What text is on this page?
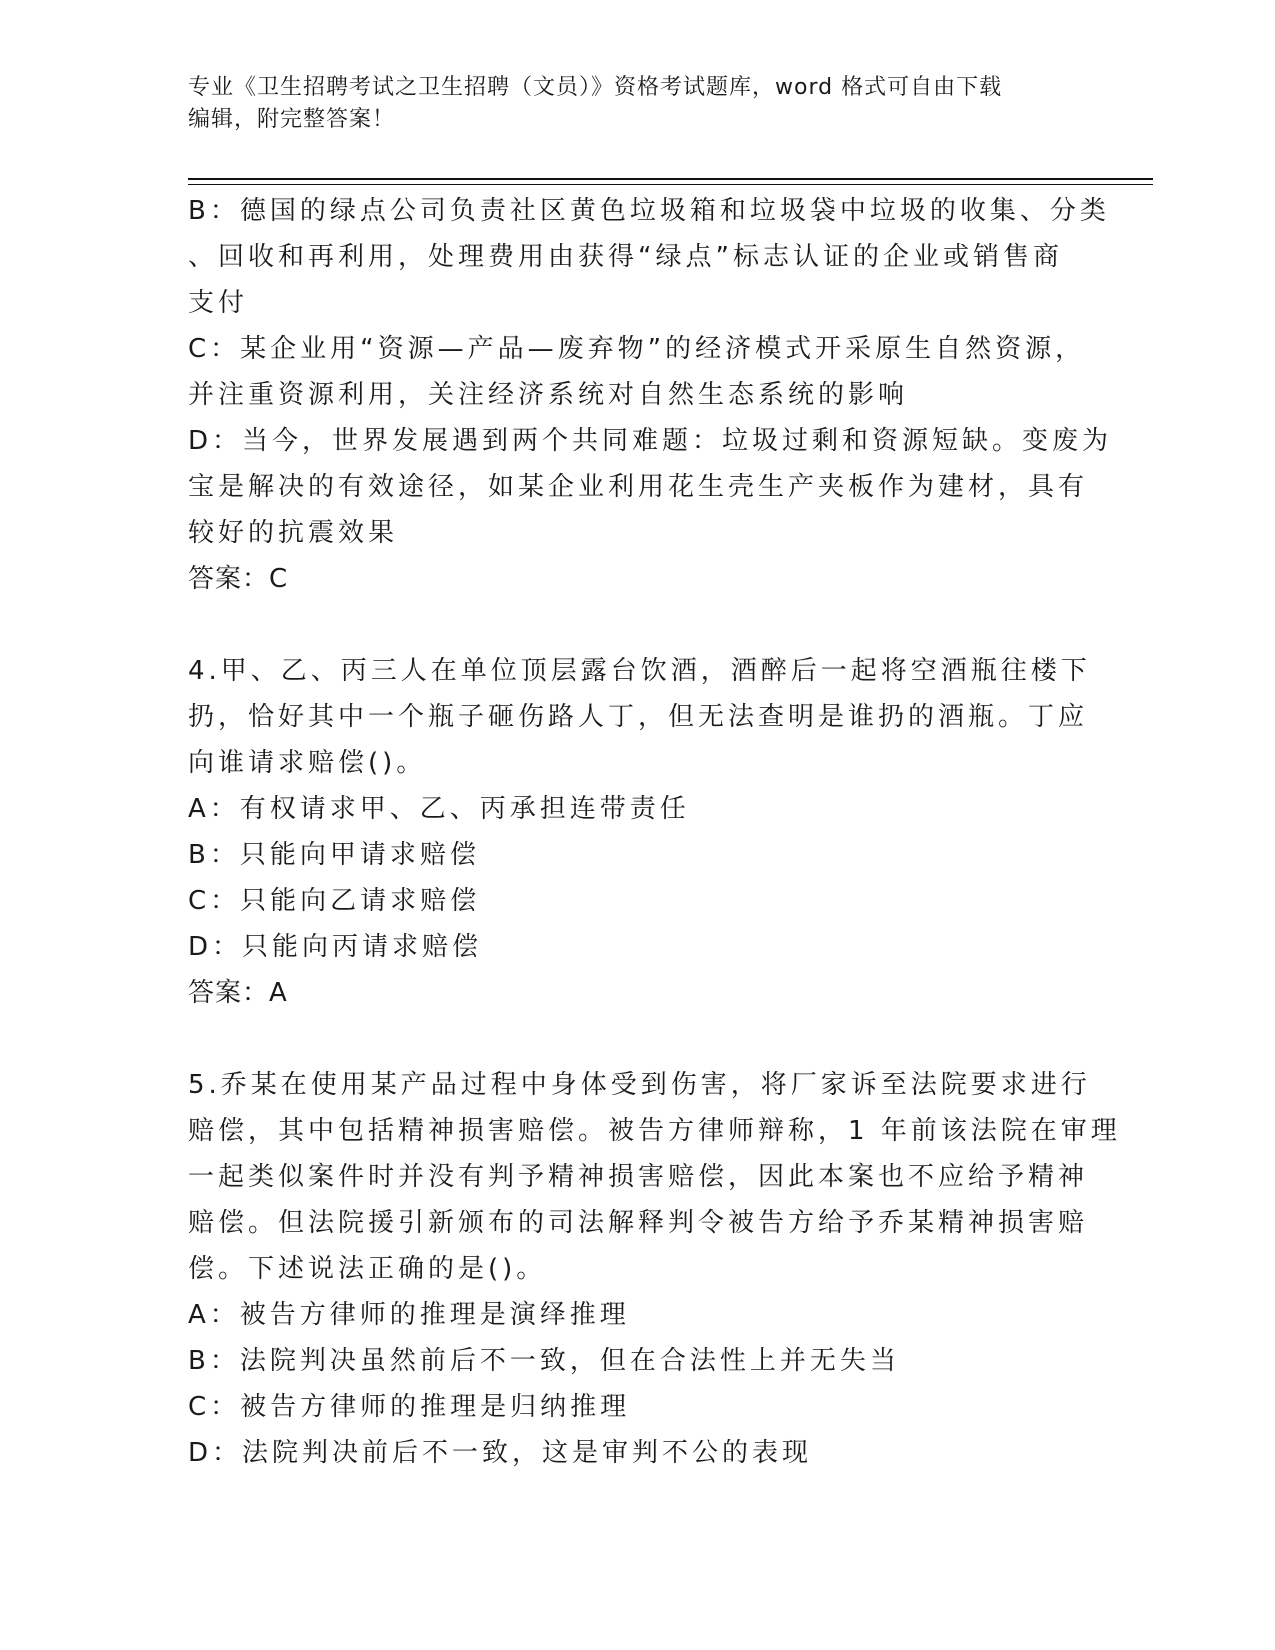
专业《卫生招聘考试之卫生招聘（文员）》资格考试题库，word 格式可自由下载
编辑，附完整答案！
B：德国的绿点公司负责社区黄色垃圾箱和垃圾袋中垃圾的收集、分类
、回收和再利用，处理费用由获得“绿点”标志认证的企业或销售商
支付
C：某企业用“资源—产品—废弃物”的经济模式开采原生自然资源，
并注重资源利用，关注经济系统对自然生态系统的影响
D：当今，世界发展遇到两个共同难题：垃圾过剩和资源短缺。变废为
宝是解决的有效途径，如某企业利用花生壳生产夹板作为建材，具有
较好的抗震效果
答案：C
4.甲、乙、丙三人在单位顶层露台饮酒，酒醉后一起将空酒瓶往楼下
扔，恰好其中一个瓶子砸伤路人丁，但无法查明是谁扔的酒瓶。丁应
向谁请求赔偿()。
A：有权请求甲、乙、丙承担连带责任
B：只能向甲请求赔偿
C：只能向乙请求赔偿
D：只能向丙请求赔偿
答案：A
5.乔某在使用某产品过程中身体受到伤害，将厂家诉至法院要求进行
赔偿，其中包括精神损害赔偿。被告方律师辩称，1 年前该法院在审理
一起类似案件时并没有判予精神损害赔偿，因此本案也不应给予精神
赔偿。但法院援引新颁布的司法解释判令被告方给予乔某精神损害赔
偿。下述说法正确的是()。
A：被告方律师的推理是演绎推理
B：法院判决虽然前后不一致，但在合法性上并无失当
C：被告方律师的推理是归纳推理
D：法院判决前后不一致，这是审判不公的表现
